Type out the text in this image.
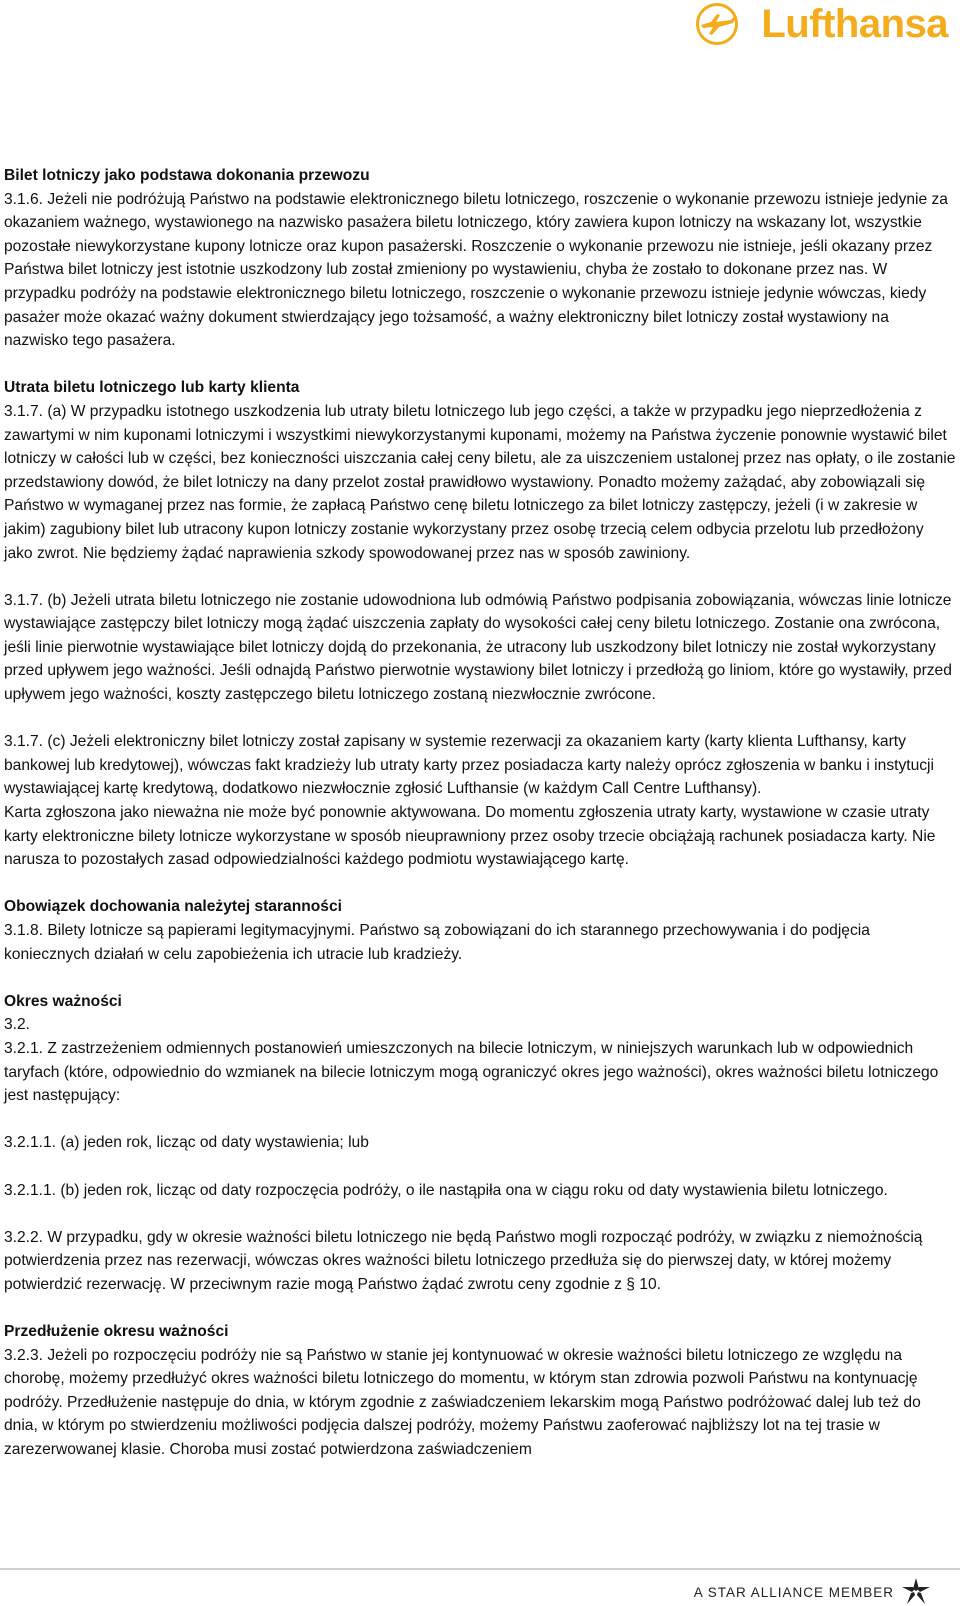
Lufthansa

Bilet lotniczy jako podstawa dokonania przewozu

3.1.6. Jeżeli nie podróżują Państwo na podstawie elektronicznego biletu lotniczego, roszczenie o wykonanie przewozu istnieje jedynie za okazaniem ważnego, wystawionego na nazwisko pasażera biletu lotniczego, który zawiera kupon lotniczy na wskazany lot, wszystkie pozostałe niewykorzystane kupony lotnicze oraz kupon pasażerski. Roszczenie o wykonanie przewozu nie istnieje, jeśli okazany przez Państwa bilet lotniczy jest istotnie uszkodzony lub został zmieniony po wystawieniu, chyba że zostało to dokonane przez nas. W przypadku podróży na podstawie elektronicznego biletu lotniczego, roszczenie o wykonanie przewozu istnieje jedynie wówczas, kiedy pasażer może okazać ważny dokument stwierdzający jego tożsamość, a ważny elektroniczny bilet lotniczy został wystawiony na nazwisko tego pasażera.

Utrata biletu lotniczego lub karty klienta

3.1.7. (a) W przypadku istotnego uszkodzenia lub utraty biletu lotniczego lub jego części, a także w przypadku jego nieprzedłożenia z zawartymi w nim kuponami lotniczymi i wszystkimi niewykorzystanymi kuponami, możemy na Państwa życzenie ponownie wystawić bilet lotniczy w całości lub w części, bez konieczności uiszczania całej ceny biletu, ale za uiszczeniem ustalonej przez nas opłaty, o ile zostanie przedstawiony dowód, że bilet lotniczy na dany przelot został prawidłowo wystawiony. Ponadto możemy zażądać, aby zobowiązali się Państwo w wymaganej przez nas formie, że zapłacą Państwo cenę biletu lotniczego za bilet lotniczy zastępczy, jeżeli (i w zakresie w jakim) zagubiony bilet lub utracony kupon lotniczy zostanie wykorzystany przez osobę trzecią celem odbycia przelotu lub przedłożony jako zwrot. Nie będziemy żądać naprawienia szkody spowodowanej przez nas w sposób zawiniony.

3.1.7. (b) Jeżeli utrata biletu lotniczego nie zostanie udowodniona lub odmówią Państwo podpisania zobowiązania, wówczas linie lotnicze wystawiające zastępczy bilet lotniczy mogą żądać uiszczenia zapłaty do wysokości całej ceny biletu lotniczego. Zostanie ona zwrócona, jeśli linie pierwotnie wystawiające bilet lotniczy dojdą do przekonania, że utracony lub uszkodzony bilet lotniczy nie został wykorzystany przed upływem jego ważności. Jeśli odnajdą Państwo pierwotnie wystawiony bilet lotniczy i przedłożą go liniom, które go wystawiły, przed upływem jego ważności, koszty zastępczego biletu lotniczego zostaną niezwłocznie zwrócone.

3.1.7. (c) Jeżeli elektroniczny bilet lotniczy został zapisany w systemie rezerwacji za okazaniem karty (karty klienta Lufthansy, karty bankowej lub kredytowej), wówczas fakt kradzieży lub utraty karty przez posiadacza karty należy oprócz zgłoszenia w banku i instytucji wystawiającej kartę kredytową, dodatkowo niezwłocznie zgłosić Lufthansie (w każdym Call Centre Lufthansy).
Karta zgłoszona jako nieważna nie może być ponownie aktywowana. Do momentu zgłoszenia utraty karty, wystawione w czasie utraty karty elektroniczne bilety lotnicze wykorzystane w sposób nieuprawniony przez osoby trzecie obciążają rachunek posiadacza karty. Nie narusza to pozostałych zasad odpowiedzialności każdego podmiotu wystawiającego kartę.

Obowiązek dochowania należytej staranności

3.1.8. Bilety lotnicze są papierami legitymacyjnymi. Państwo są zobowiązani do ich starannego przechowywania i do podjęcia koniecznych działań w celu zapobieżenia ich utracie lub kradzieży.

Okres ważności

3.2.
3.2.1. Z zastrzeżeniem odmiennych postanowień umieszczonych na bilecie lotniczym, w niniejszych warunkach lub w odpowiednich taryfach (które, odpowiednio do wzmianek na bilecie lotniczym mogą ograniczyć okres jego ważności), okres ważności biletu lotniczego jest następujący:

3.2.1.1. (a) jeden rok, licząc od daty wystawienia; lub

3.2.1.1. (b) jeden rok, licząc od daty rozpoczęcia podróży, o ile nastąpiła ona w ciągu roku od daty wystawienia biletu lotniczego.

3.2.2. W przypadku, gdy w okresie ważności biletu lotniczego nie będą Państwo mogli rozpocząć podróży, w związku z niemożnością potwierdzenia przez nas rezerwacji, wówczas okres ważności biletu lotniczego przedłuża się do pierwszej daty, w której możemy potwierdzić rezerwację. W przeciwnym razie mogą Państwo żądać zwrotu ceny zgodnie z § 10.

Przedłużenie okresu ważności

3.2.3. Jeżeli po rozpoczęciu podróży nie są Państwo w stanie jej kontynuować w okresie ważności biletu lotniczego ze względu na chorobę, możemy przedłużyć okres ważności biletu lotniczego do momentu, w którym stan zdrowia pozwoli Państwu na kontynuację podróży. Przedłużenie następuje do dnia, w którym zgodnie z zaświadczeniem lekarskim mogą Państwo podróżować dalej lub też do dnia, w którym po stwierdzeniu możliwości podjęcia dalszej podróży, możemy Państwu zaoferować najbliższy lot na tej trasie w zarezerwowanej klasie. Choroba musi zostać potwierdzona zaświadczeniem

A STAR ALLIANCE MEMBER
